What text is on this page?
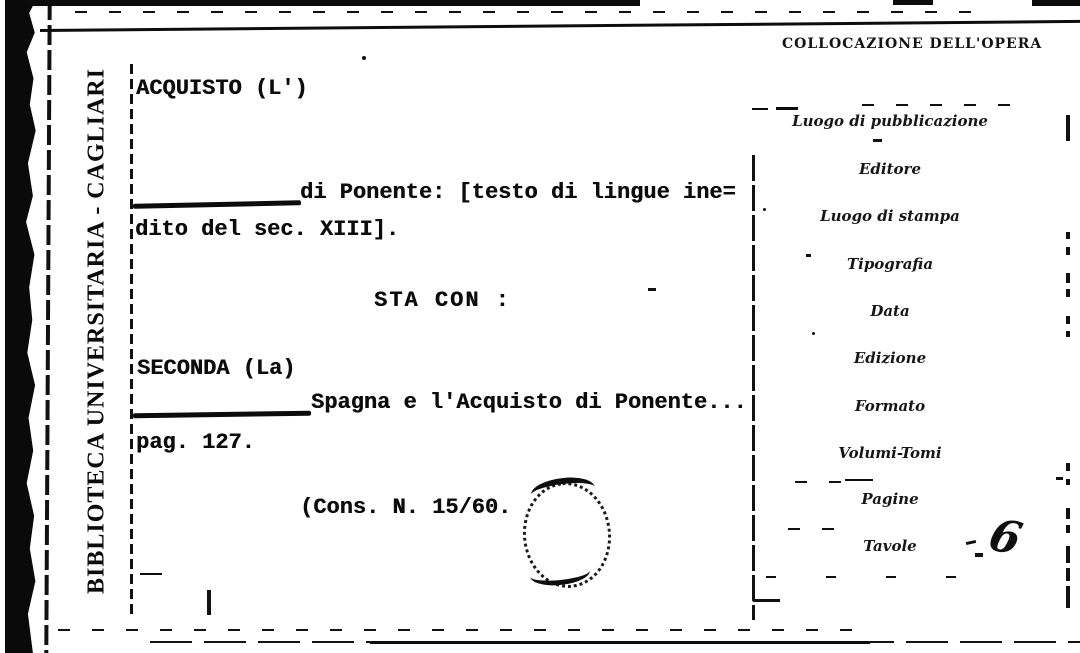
BIBLIOTECA UNIVERSITARIA - CAGLIARI ACQUISTO (L')
di Ponente: [testo di lingue ine=
dito del sec. XIII].
STA CON :
SECONDA (La)
Spagna e l'Acquisto di Ponente...
pag. 127.
(Cons. N. 15/60.
COLLOCAZIONE DELL'OPERA
Luogo di pubblicazione
Editore
Luogo di stampa
Tipografia
Data
Edizione
Formato
Volumi-Tomi
Pagine
Tavole	6
